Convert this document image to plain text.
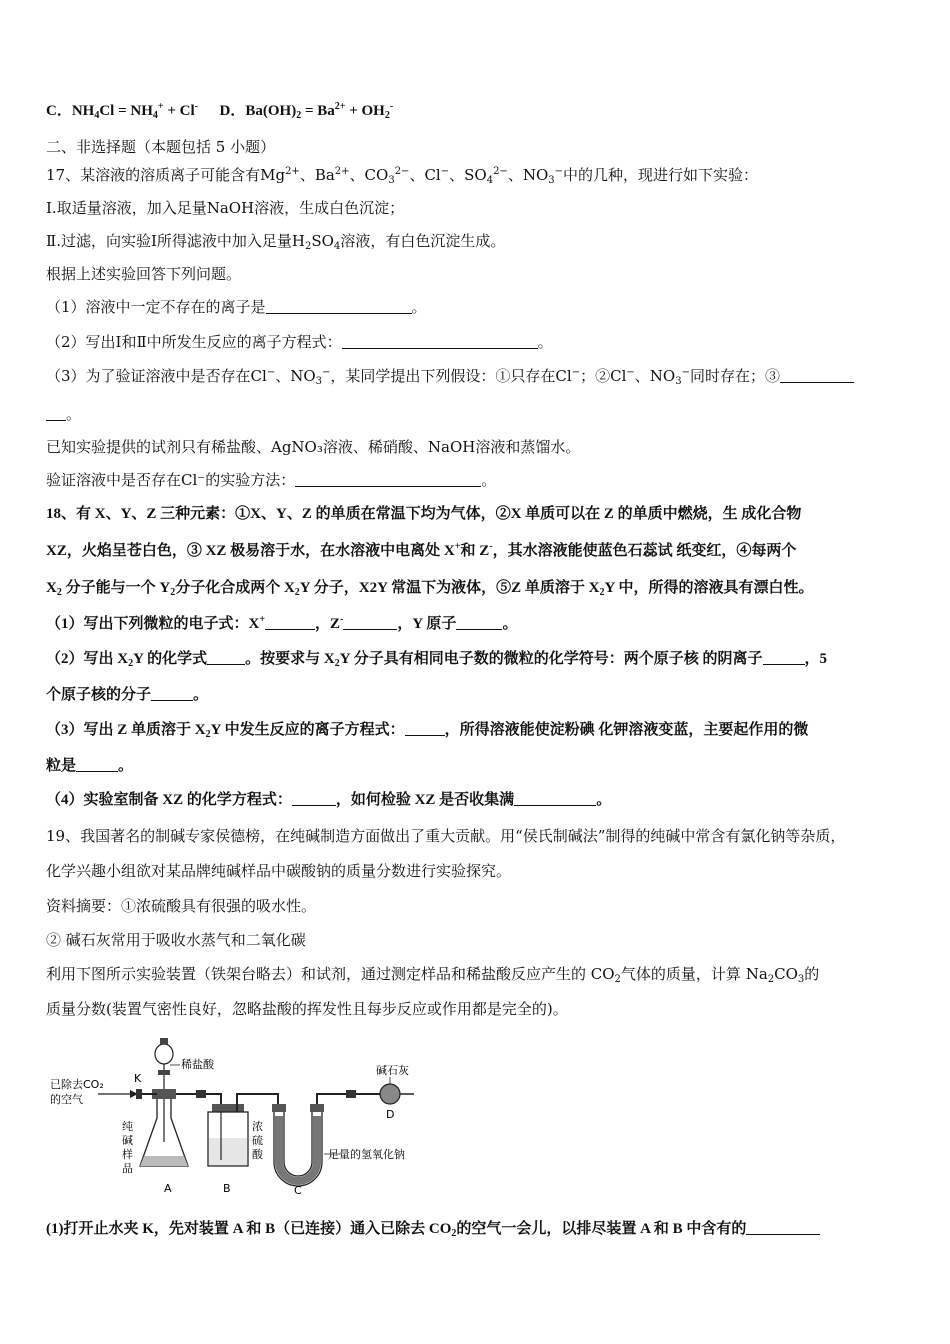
C．$NH_4Cl = NH_4^+ + Cl^-$ D．$Ba(OH)_2 = Ba^{2+} + OH_2^-$
二、非选择题（本题包括 5 小题）
17、某溶液的溶质离子可能含有$Mg^{2+}$、$Ba^{2+}$、$CO_3^{2-}$、Cl−、$SO_4^{2-}$、$NO_3^-$中的几种，现进行如下实验：
Ⅰ.取适量溶液，加入足量NaOH溶液，生成白色沉淀；
Ⅱ.过滤，向实验Ⅰ所得滤液中加入足量$H_2SO_4$溶液，有白色沉淀生成。
根据上述实验回答下列问题。
（1）溶液中一定不存在的离子是	。
（2）写出Ⅰ和Ⅱ中所发生反应的离子方程式：	。
（3）为了验证溶液中是否存在Cl−、$NO_3^-$，某同学提出下列假设：①只存在Cl−；②Cl−、$NO_3^-$同时存在；③
。
已知实验提供的试剂只有稀盐酸、AgNO₃溶液、稀硝酸、NaOH溶液和蒸馏水。
验证溶液中是否存在Cl⁻的实验方法：	。
18、有 X、Y、Z 三种元素：①X、Y、Z 的单质在常温下均为气体，②X 单质可以在 Z 的单质中燃烧，生 成化合物
XZ，火焰呈苍白色，③ XZ 极易溶于水，在水溶液中电离处 X+和 Z-，其水溶液能使蓝色石蕊试 纸变红，④每两个
$X_2$ 分子能与一个 $Y_2$分子化合成两个 $X_2Y$ 分子，X2Y 常温下为液体，⑤Z 单质溶于 $X_2Y$ 中，所得的溶液具有漂白性。
（1）写出下列微粒的电子式：X+	，Z-	，Y 原子	。
（2）写出 $X_2Y$ 的化学式	。按要求与 $X_2Y$ 分子具有相同电子数的微粒的化学符号：两个原子核 的阴离子	，5
个原子核的分子	。
（3）写出 Z 单质溶于 $X_2Y$ 中发生反应的离子方程式：	，所得溶液能使淀粉碘 化钾溶液变蓝，主要起作用的微
粒是	。
（4）实验室制备 XZ 的化学方程式：	，如何检验 XZ 是否收集满	。
19、我国著名的制碱专家侯德榜，在纯碱制造方面做出了重大贡献。用“侯氏制碱法”制得的纯碱中常含有氯化钠等杂质，
化学兴趣小组欲对某品牌纯碱样品中碳酸钠的质量分数进行实验探究。
资料摘要：①浓硫酸具有很强的吸水性。
② 碱石灰常用于吸收水蒸气和二氧化碳
利用下图所示实验装置（铁架台略去）和试剂，通过测定样品和稀盐酸反应产生的 $CO_2$气体的质量，计算 $Na_2CO_3$的
质量分数(装置气密性良好，忽略盐酸的挥发性且每步反应或作用都是完全的)。
已除去CO₂
的空气
K
稀盐酸
纯
碱
样
品
A
浓
硫
酸
B
足量的氢氧化钠
C
碱石灰
D
(1)打开止水夹 K，先对装置 A 和 B（已连接）通入已除去 $CO_2$的空气一会儿，以排尽装置 A 和 B 中含有的
